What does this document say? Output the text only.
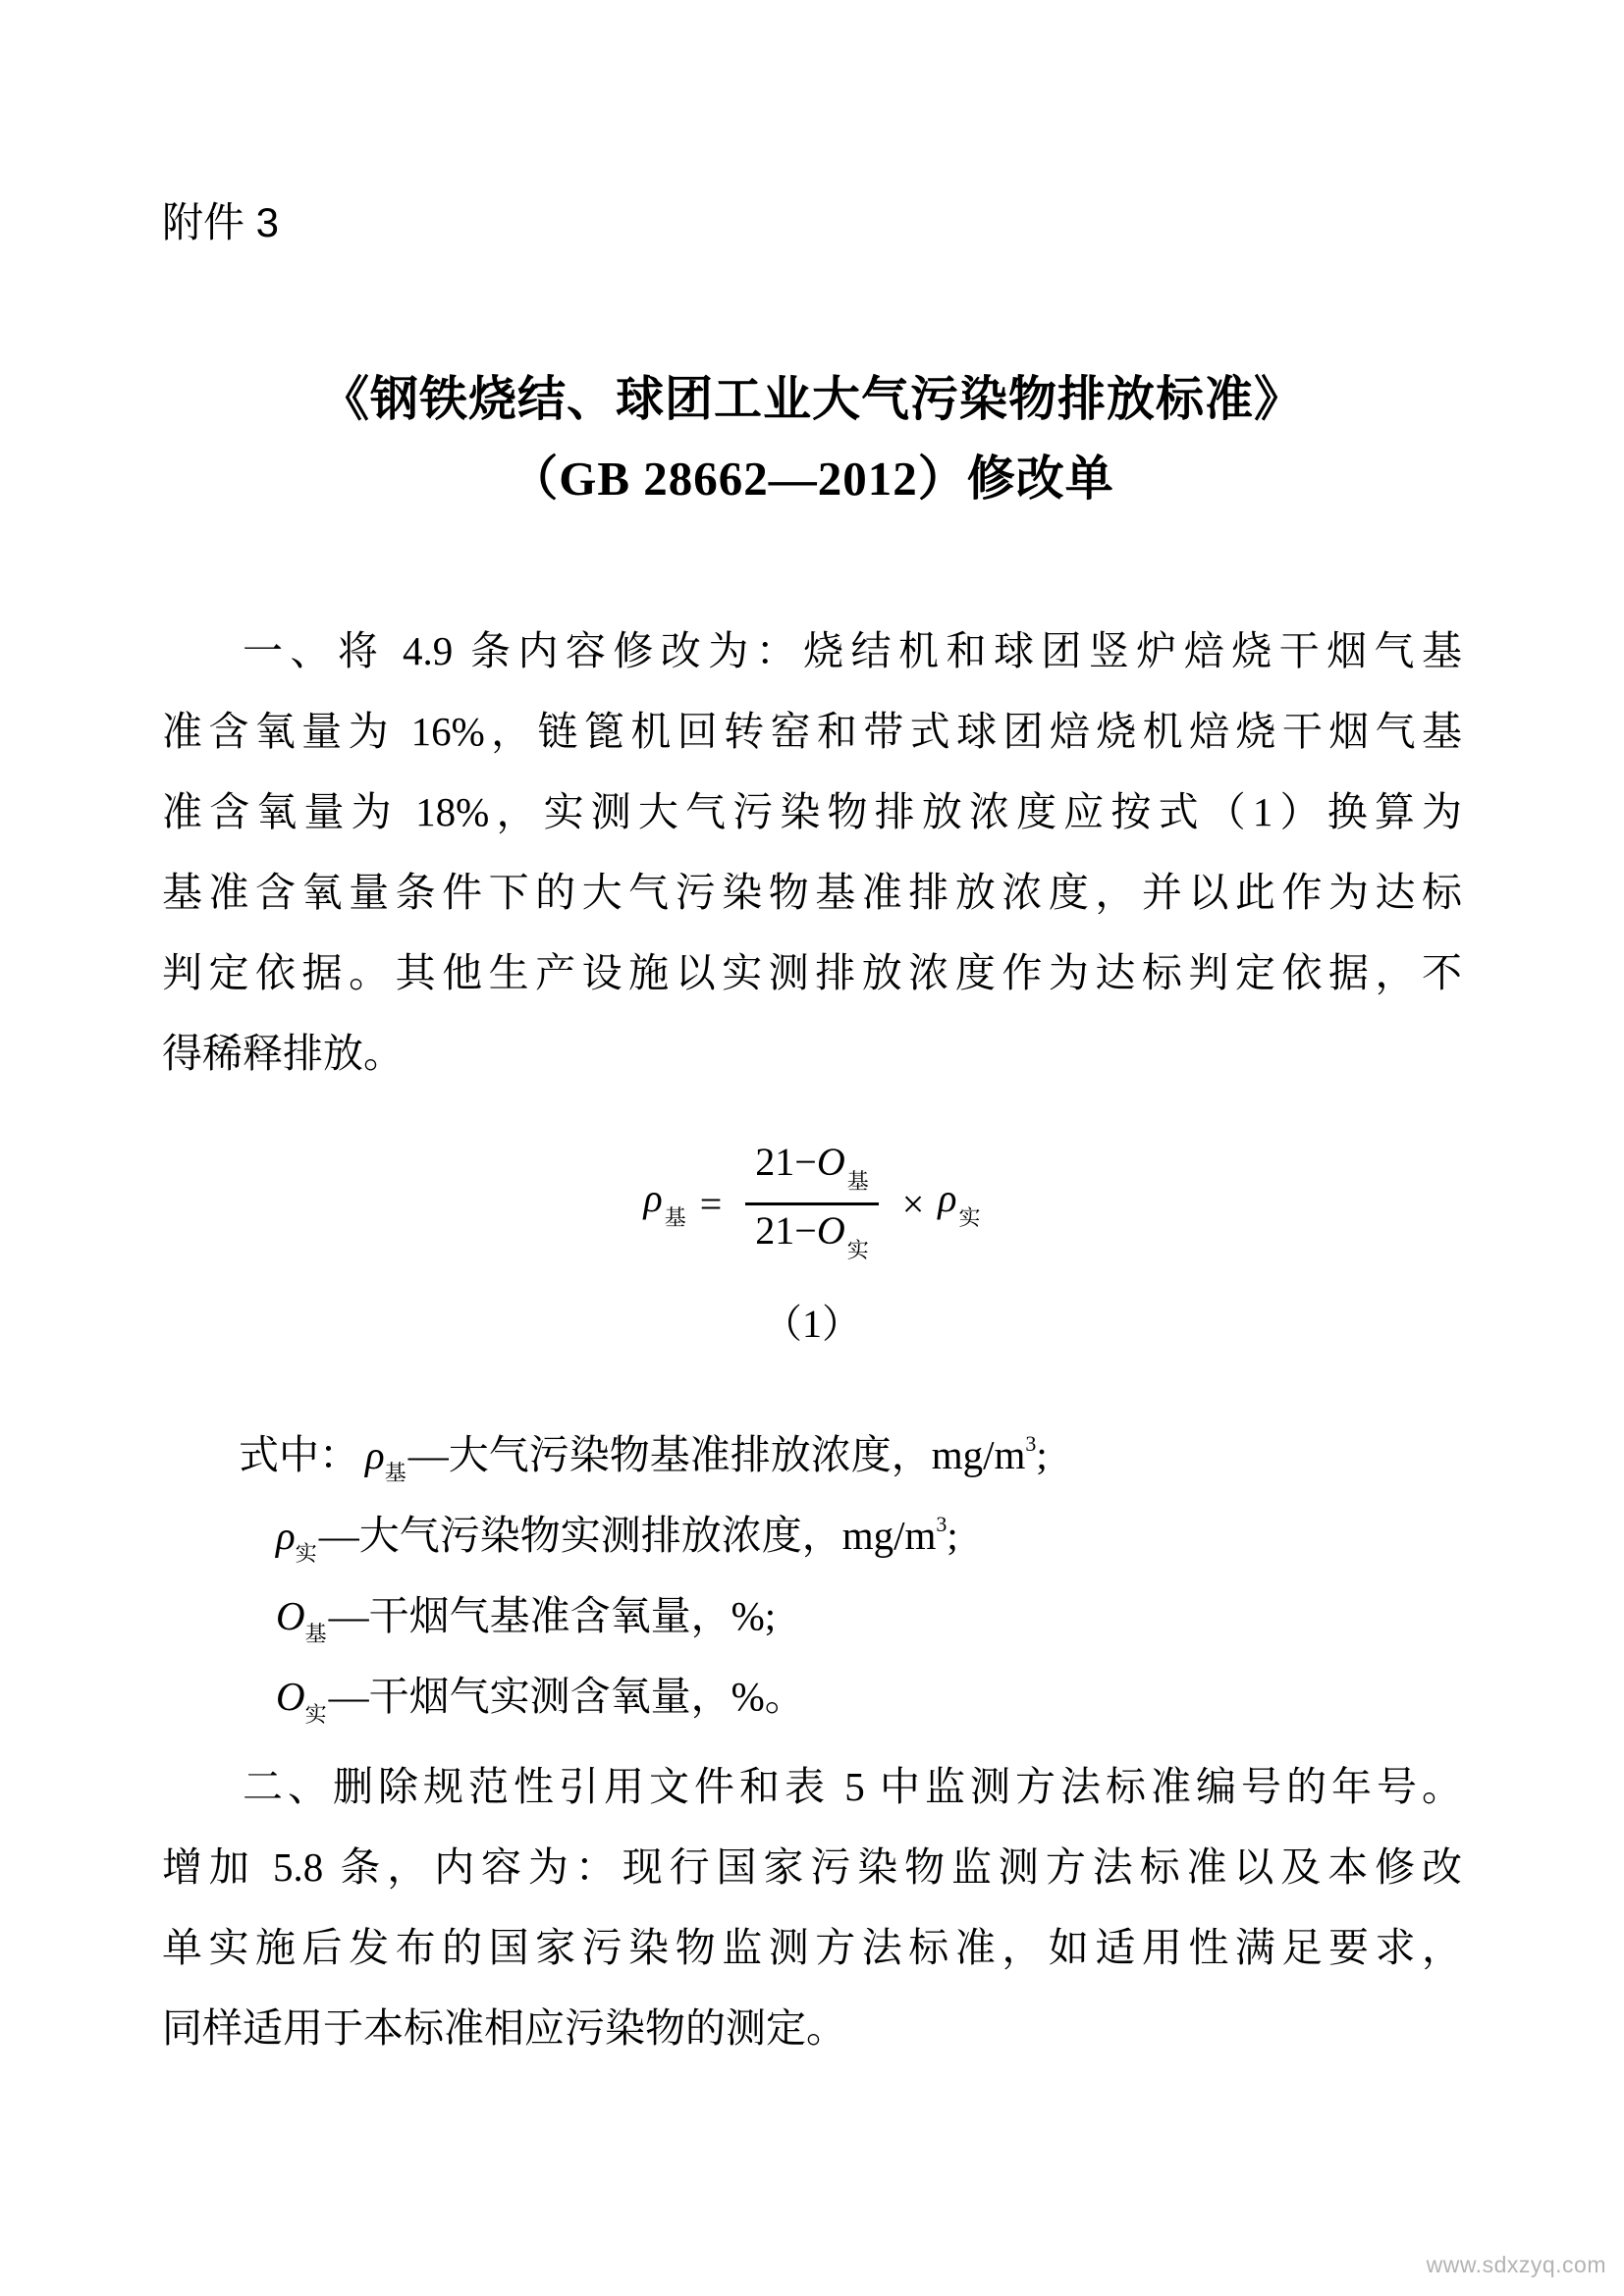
附件 3
《钢铁烧结、球团工业大气污染物排放标准》
（GB 28662—2012）修改单
一、将 4.9 条内容修改为：烧结机和球团竖炉焙烧干烟气基
准含氧量为 16%，链篦机回转窑和带式球团焙烧机焙烧干烟气基
准含氧量为 18%，实测大气污染物排放浓度应按式（1）换算为
基准含氧量条件下的大气污染物基准排放浓度，并以此作为达标
判定依据。其他生产设施以实测排放浓度作为达标判定依据，不
得稀释排放。
$\rho_基 = \frac{21-O_基}{21-O_实} \times \rho_实$
（1）
式中： $\rho_基—$大气污染物基准排放浓度，$mg/m^3$;
$\rho_实—$大气污染物实测排放浓度，$mg/m^3$;
$O_基—$干烟气基准含氧量，%;
$O_实—$干烟气实测含氧量，%。
二、删除规范性引用文件和表 5 中监测方法标准编号的年号。
增加 5.8 条，内容为：现行国家污染物监测方法标准以及本修改
单实施后发布的国家污染物监测方法标准，如适用性满足要求，
同样适用于本标准相应污染物的测定。
www.sdxzyq.com
